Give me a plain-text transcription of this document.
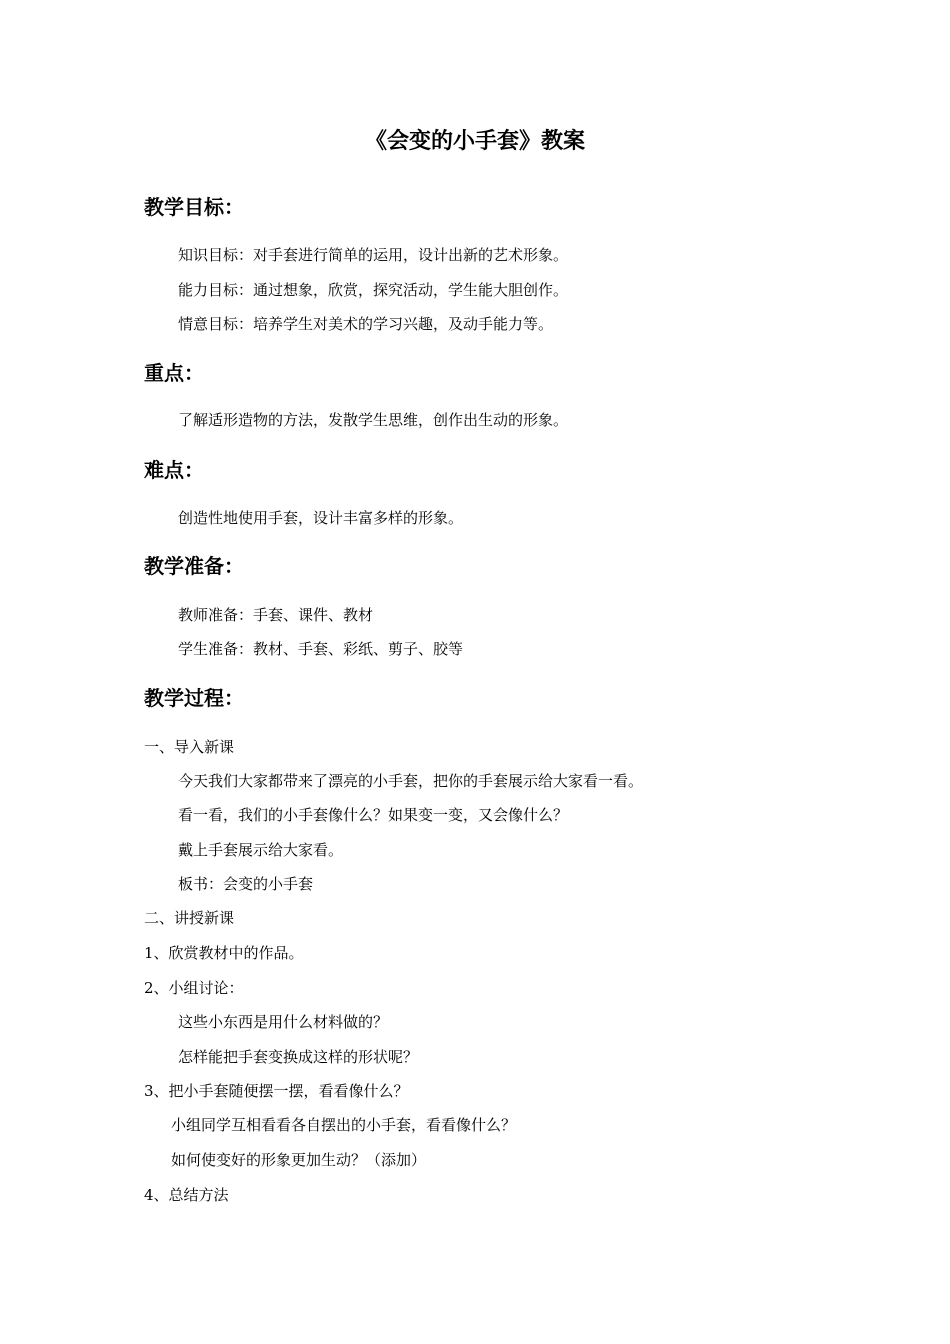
《会变的小手套》教案
教学目标：

知识目标：对手套进行简单的运用，设计出新的艺术形象。

能力目标：通过想象，欣赏，探究活动，学生能大胆创作。

情意目标：培养学生对美术的学习兴趣，及动手能力等。

重点：

了解适形造物的方法，发散学生思维，创作出生动的形象。

难点：

创造性地使用手套，设计丰富多样的形象。

教学准备：

教师准备：手套、课件、教材

学生准备：教材、手套、彩纸、剪子、胶等

教学过程：

一、导入新课

今天我们大家都带来了漂亮的小手套，把你的手套展示给大家看一看。

看一看，我们的小手套像什么？如果变一变，又会像什么？

戴上手套展示给大家看。

板书：会变的小手套

二、讲授新课

1、欣赏教材中的作品。

2、小组讨论：

这些小东西是用什么材料做的？

怎样能把手套变换成这样的形状呢？

3、把小手套随便摆一摆，看看像什么？

小组同学互相看看各自摆出的小手套，看看像什么？

如何使变好的形象更加生动？（添加）

4、总结方法
